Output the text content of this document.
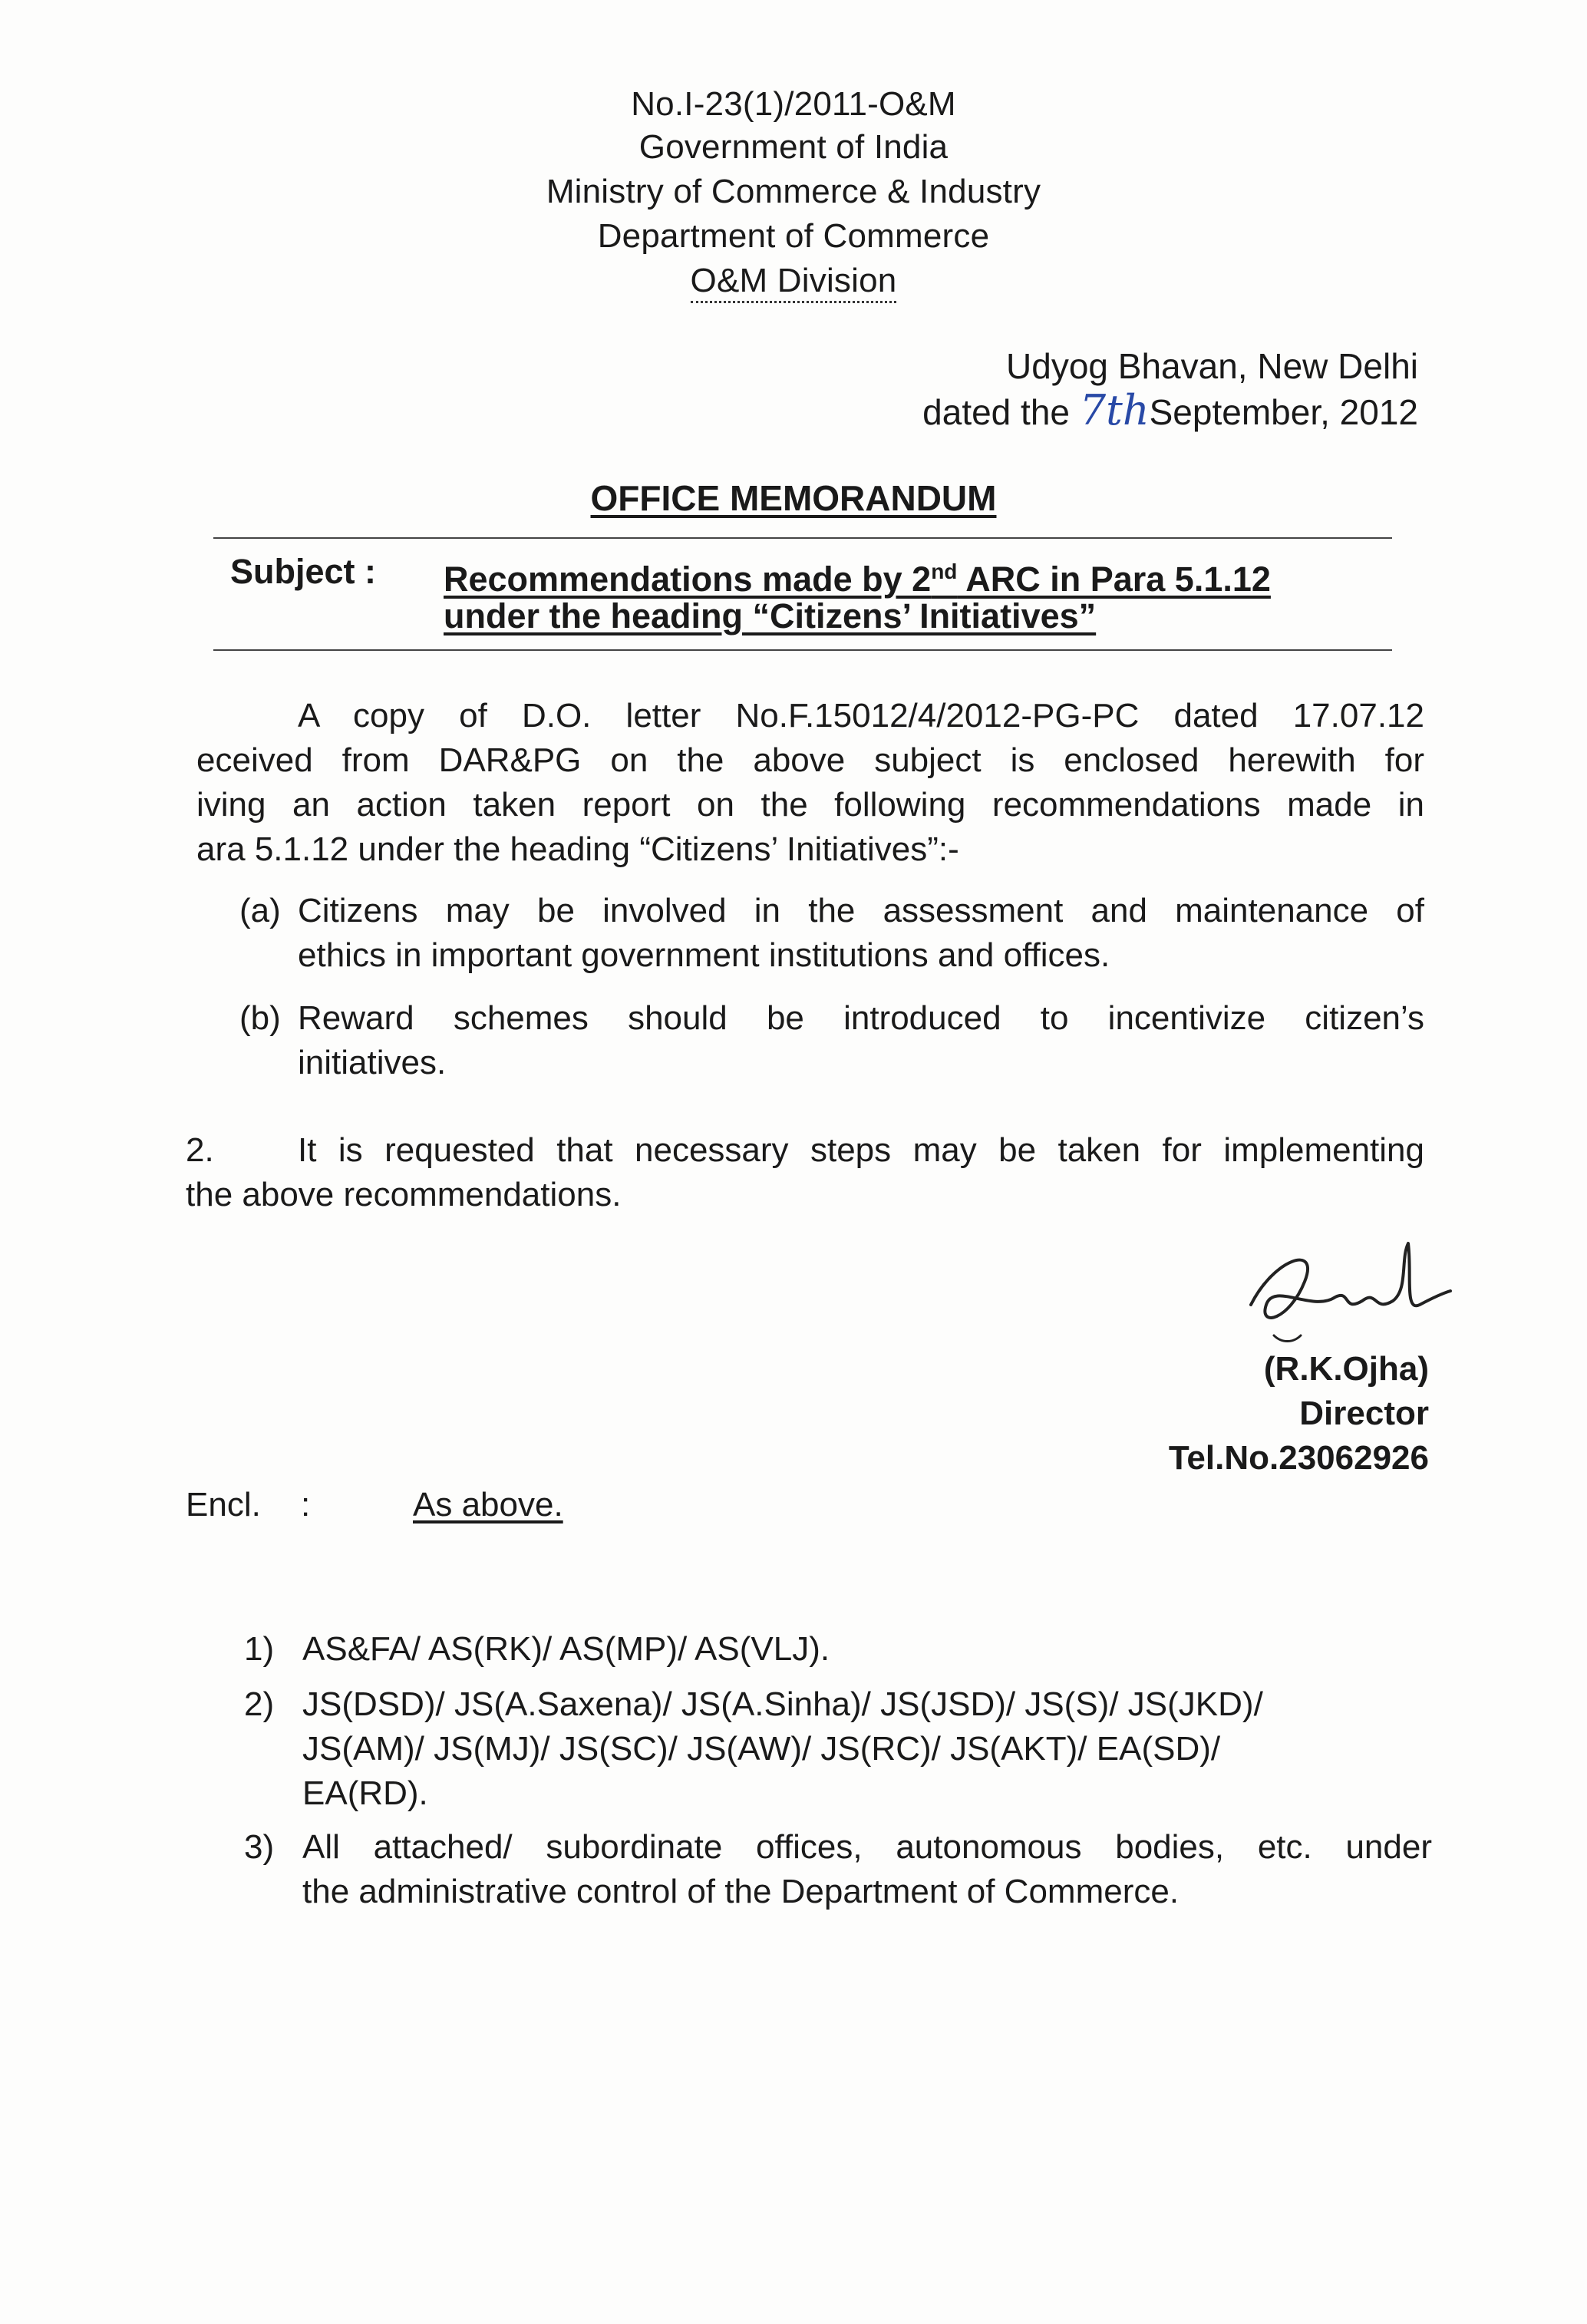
No.I-23(1)/2011-O&M
Government of India
Ministry of Commerce & Industry
Department of Commerce
O&M Division
Udyog Bhavan, New Delhi
dated the 7thSeptember, 2012
OFFICE MEMORANDUM
Subject : Recommendations made by 2nd ARC in Para 5.1.12
under the heading “Citizens’ Initiatives”
A copy of D.O. letter No.F.15012/4/2012-PG-PC dated 17.07.12
eceived from DAR&PG on the above subject is enclosed herewith for
iving an action taken report on the following recommendations made in
ara 5.1.12 under the heading “Citizens’ Initiatives”:-
(a) Citizens may be involved in the assessment and maintenance of
ethics in important government institutions and offices.
(b) Reward schemes should be introduced to incentivize citizen’s
initiatives.
2. It is requested that necessary steps may be taken for implementing
the above recommendations.
(R.K.Ojha)
Director
Tel.No.23062926
Encl. :	As above.
1) AS&FA/ AS(RK)/ AS(MP)/ AS(VLJ).
2) JS(DSD)/ JS(A.Saxena)/ JS(A.Sinha)/ JS(JSD)/ JS(S)/ JS(JKD)/
JS(AM)/ JS(MJ)/ JS(SC)/ JS(AW)/ JS(RC)/ JS(AKT)/ EA(SD)/
EA(RD).
3) All attached/ subordinate offices, autonomous bodies, etc. under
the administrative control of the Department of Commerce.
